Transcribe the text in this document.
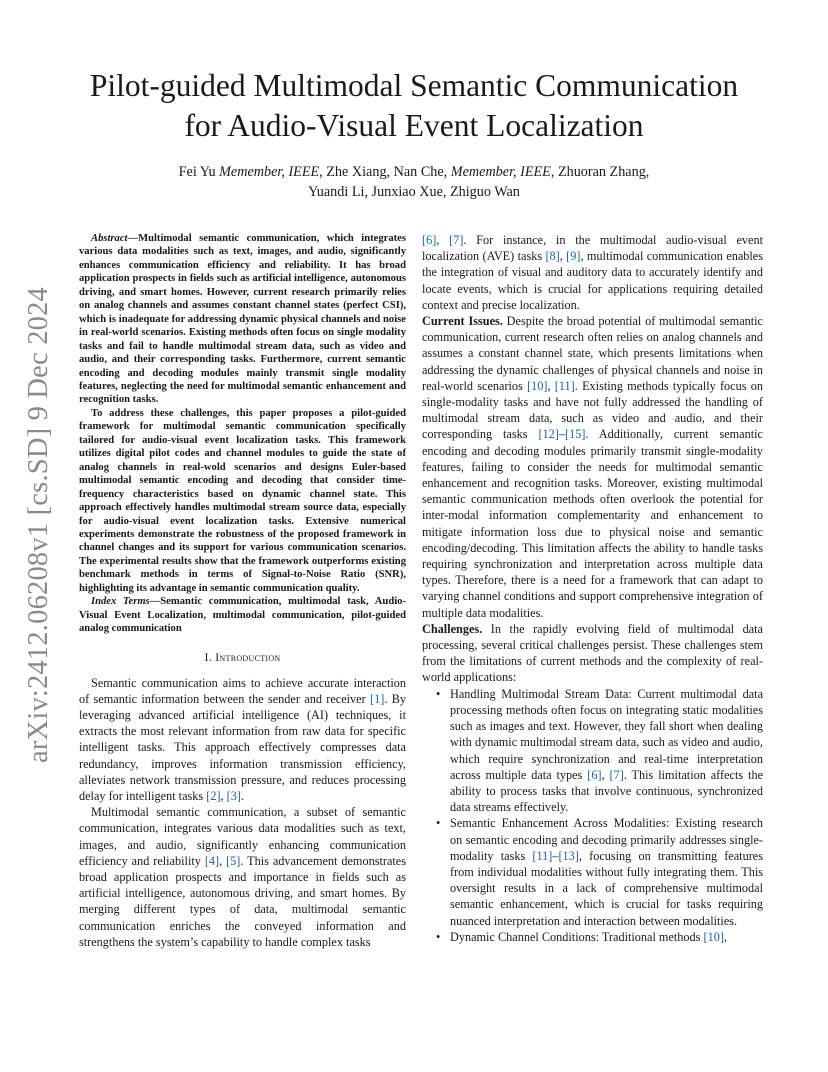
arXiv:2412.06208v1 [cs.SD] 9 Dec 2024
Pilot-guided Multimodal Semantic Communication
for Audio-Visual Event Localization
Fei Yu Memember, IEEE, Zhe Xiang, Nan Che, Memember, IEEE, Zhuoran Zhang,
Yuandi Li, Junxiao Xue, Zhiguo Wan

Abstract—Multimodal semantic communication, which integrates various data modalities such as text, images, and audio, significantly enhances communication efficiency and reliability. It has broad application prospects in fields such as artificial intelligence, autonomous driving, and smart homes. However, current research primarily relies on analog channels and assumes constant channel states (perfect CSI), which is inadequate for addressing dynamic physical channels and noise in real-world scenarios. Existing methods often focus on single modality tasks and fail to handle multimodal stream data, such as video and audio, and their corresponding tasks. Furthermore, current semantic encoding and decoding modules mainly transmit single modality features, neglecting the need for multimodal semantic enhancement and recognition tasks.

To address these challenges, this paper proposes a pilot-guided framework for multimodal semantic communication specifically tailored for audio-visual event localization tasks. This framework utilizes digital pilot codes and channel modules to guide the state of analog channels in real-wold scenarios and designs Euler-based multimodal semantic encoding and decoding that consider time-frequency characteristics based on dynamic channel state. This approach effectively handles multimodal stream source data, especially for audio-visual event localization tasks. Extensive numerical experiments demonstrate the robustness of the proposed framework in channel changes and its support for various communication scenarios. The experimental results show that the framework outperforms existing benchmark methods in terms of Signal-to-Noise Ratio (SNR), highlighting its advantage in semantic communication quality.

Index Terms—Semantic communication, multimodal task, Audio-Visual Event Localization, multimodal communication, pilot-guided analog communication

I. Introduction

Semantic communication aims to achieve accurate interaction of semantic information between the sender and receiver [1]. By leveraging advanced artificial intelligence (AI) techniques, it extracts the most relevant information from raw data for specific intelligent tasks. This approach effectively compresses data redundancy, improves information transmission efficiency, alleviates network transmission pressure, and reduces processing delay for intelligent tasks [2], [3].

Multimodal semantic communication, a subset of semantic communication, integrates various data modalities such as text, images, and audio, significantly enhancing communication efficiency and reliability [4], [5]. This advancement demonstrates broad application prospects and importance in fields such as artificial intelligence, autonomous driving, and smart homes. By merging different types of data, multimodal semantic communication enriches the conveyed information and strengthens the system’s capability to handle complex tasks

[6], [7]. For instance, in the multimodal audio-visual event localization (AVE) tasks [8], [9], multimodal communication enables the integration of visual and auditory data to accurately identify and locate events, which is crucial for applications requiring detailed context and precise localization.

Current Issues. Despite the broad potential of multimodal semantic communication, current research often relies on analog channels and assumes a constant channel state, which presents limitations when addressing the dynamic challenges of physical channels and noise in real-world scenarios [10], [11]. Existing methods typically focus on single-modality tasks and have not fully addressed the handling of multimodal stream data, such as video and audio, and their corresponding tasks [12]–[15]. Additionally, current semantic encoding and decoding modules primarily transmit single-modality features, failing to consider the needs for multimodal semantic enhancement and recognition tasks. Moreover, existing multimodal semantic communication methods often overlook the potential for inter-modal information complementarity and enhancement to mitigate information loss due to physical noise and semantic encoding/decoding. This limitation affects the ability to handle tasks requiring synchronization and interpretation across multiple data types. Therefore, there is a need for a framework that can adapt to varying channel conditions and support comprehensive integration of multiple data modalities.

Challenges. In the rapidly evolving field of multimodal data processing, several critical challenges persist. These challenges stem from the limitations of current methods and the complexity of real-world applications:

• Handling Multimodal Stream Data: Current multimodal data processing methods often focus on integrating static modalities such as images and text. However, they fall short when dealing with dynamic multimodal stream data, such as video and audio, which require synchronization and real-time interpretation across multiple data types [6], [7]. This limitation affects the ability to process tasks that involve continuous, synchronized data streams effectively.
• Semantic Enhancement Across Modalities: Existing research on semantic encoding and decoding primarily addresses single-modality tasks [11]–[13], focusing on transmitting features from individual modalities without fully integrating them. This oversight results in a lack of comprehensive multimodal semantic enhancement, which is crucial for tasks requiring nuanced interpretation and interaction between modalities.
• Dynamic Channel Conditions: Traditional methods [10],
